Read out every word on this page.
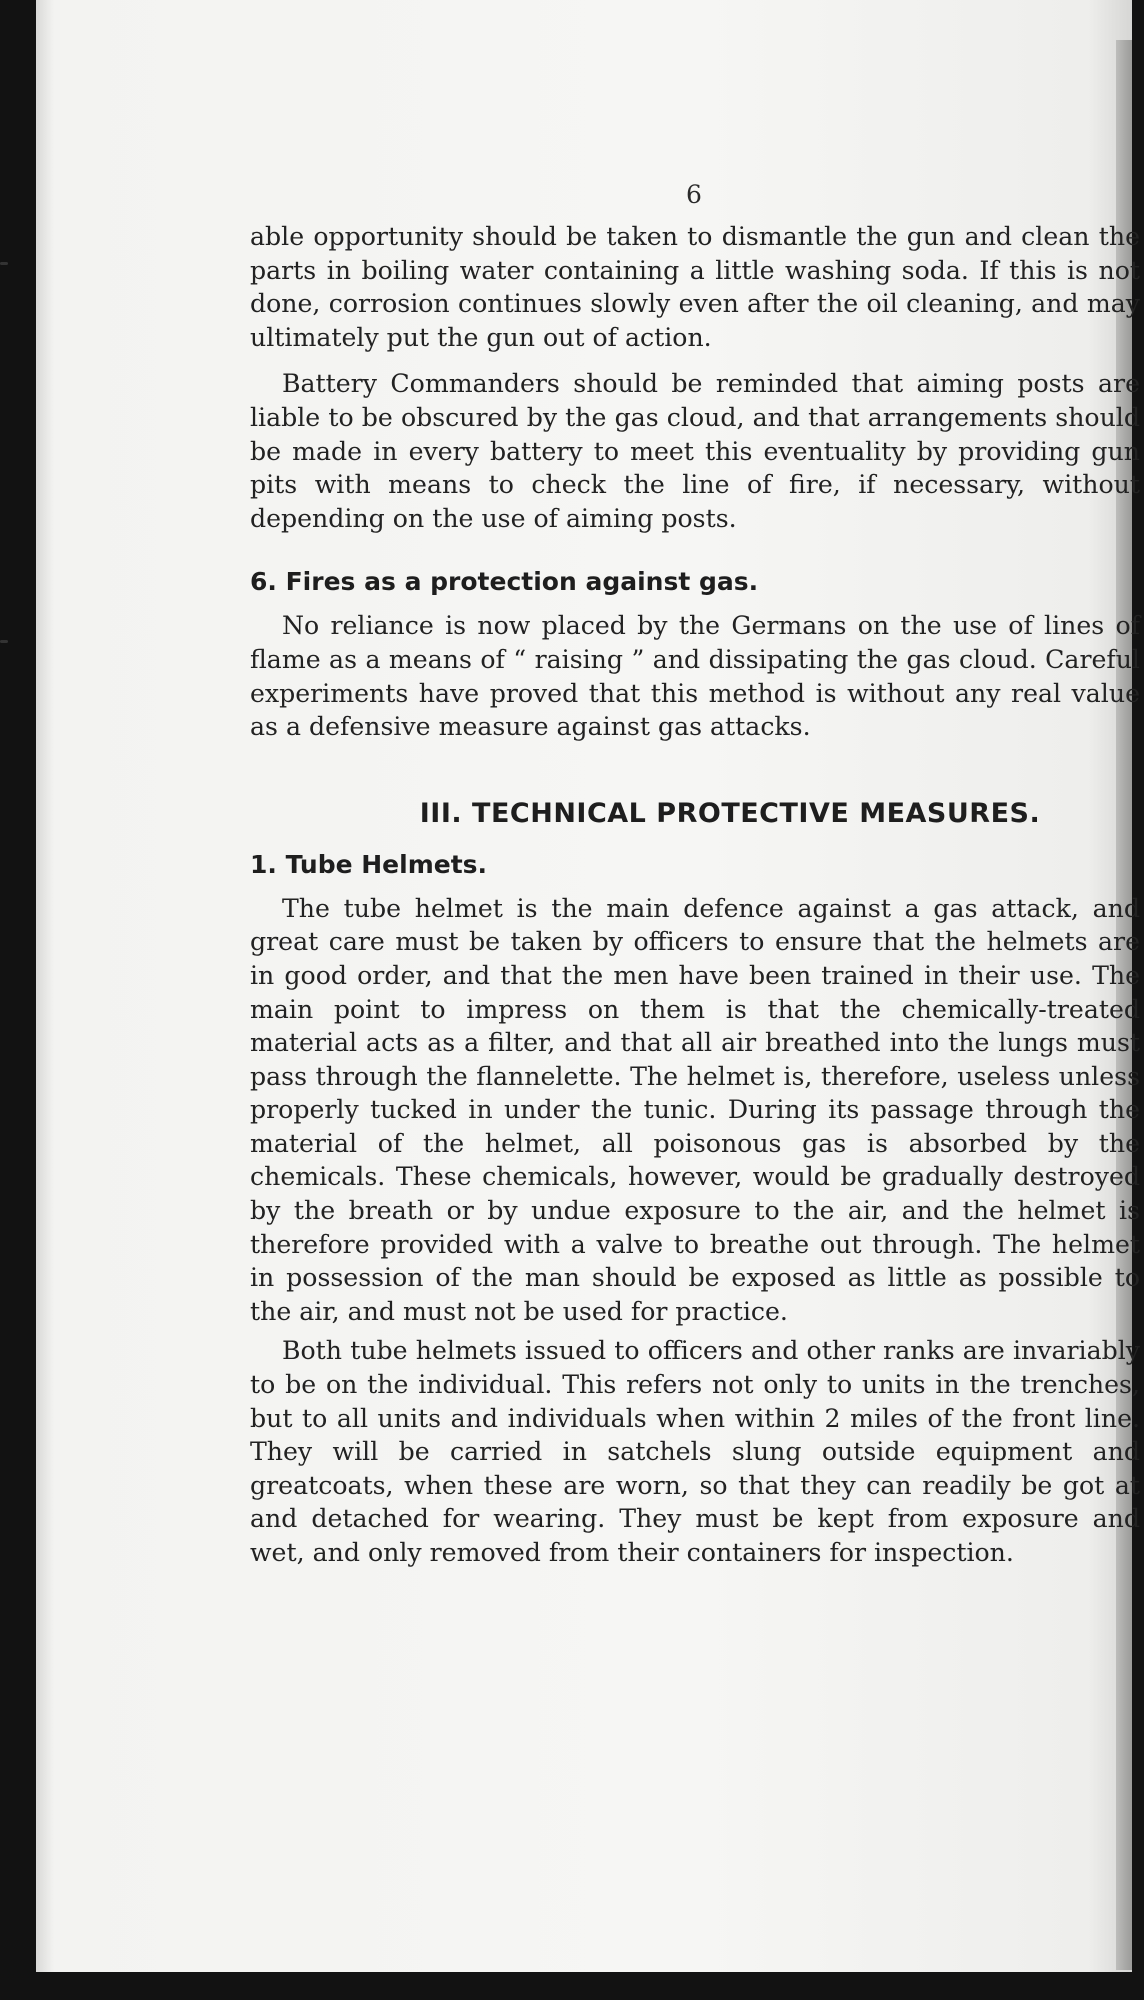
6

able opportunity should be taken to dismantle the gun and clean the parts in boiling water containing a little washing soda. If this is not done, corrosion continues slowly even after the oil cleaning, and may ultimately put the gun out of action.

Battery Commanders should be reminded that aiming posts are liable to be obscured by the gas cloud, and that arrangements should be made in every battery to meet this eventuality by providing gun pits with means to check the line of fire, if necessary, without depending on the use of aiming posts.

6. Fires as a protection against gas.

No reliance is now placed by the Germans on the use of lines of flame as a means of “ raising ” and dissipating the gas cloud. Careful experiments have proved that this method is without any real value as a defensive measure against gas attacks.

III. TECHNICAL PROTECTIVE MEASURES.
1. Tube Helmets.

The tube helmet is the main defence against a gas attack, and great care must be taken by officers to ensure that the helmets are in good order, and that the men have been trained in their use. The main point to impress on them is that the chemically-treated material acts as a filter, and that all air breathed into the lungs must pass through the flannelette. The helmet is, therefore, useless unless properly tucked in under the tunic. During its passage through the material of the helmet, all poisonous gas is absorbed by the chemicals. These chemicals, however, would be gradually destroyed by the breath or by undue exposure to the air, and the helmet is therefore provided with a valve to breathe out through. The helmet in possession of the man should be exposed as little as possible to the air, and must not be used for practice.

Both tube helmets issued to officers and other ranks are invariably to be on the individual. This refers not only to units in the trenches, but to all units and individuals when within 2 miles of the front line. They will be carried in satchels slung outside equipment and greatcoats, when these are worn, so that they can readily be got at and detached for wearing. They must be kept from exposure and wet, and only removed from their containers for inspection.
